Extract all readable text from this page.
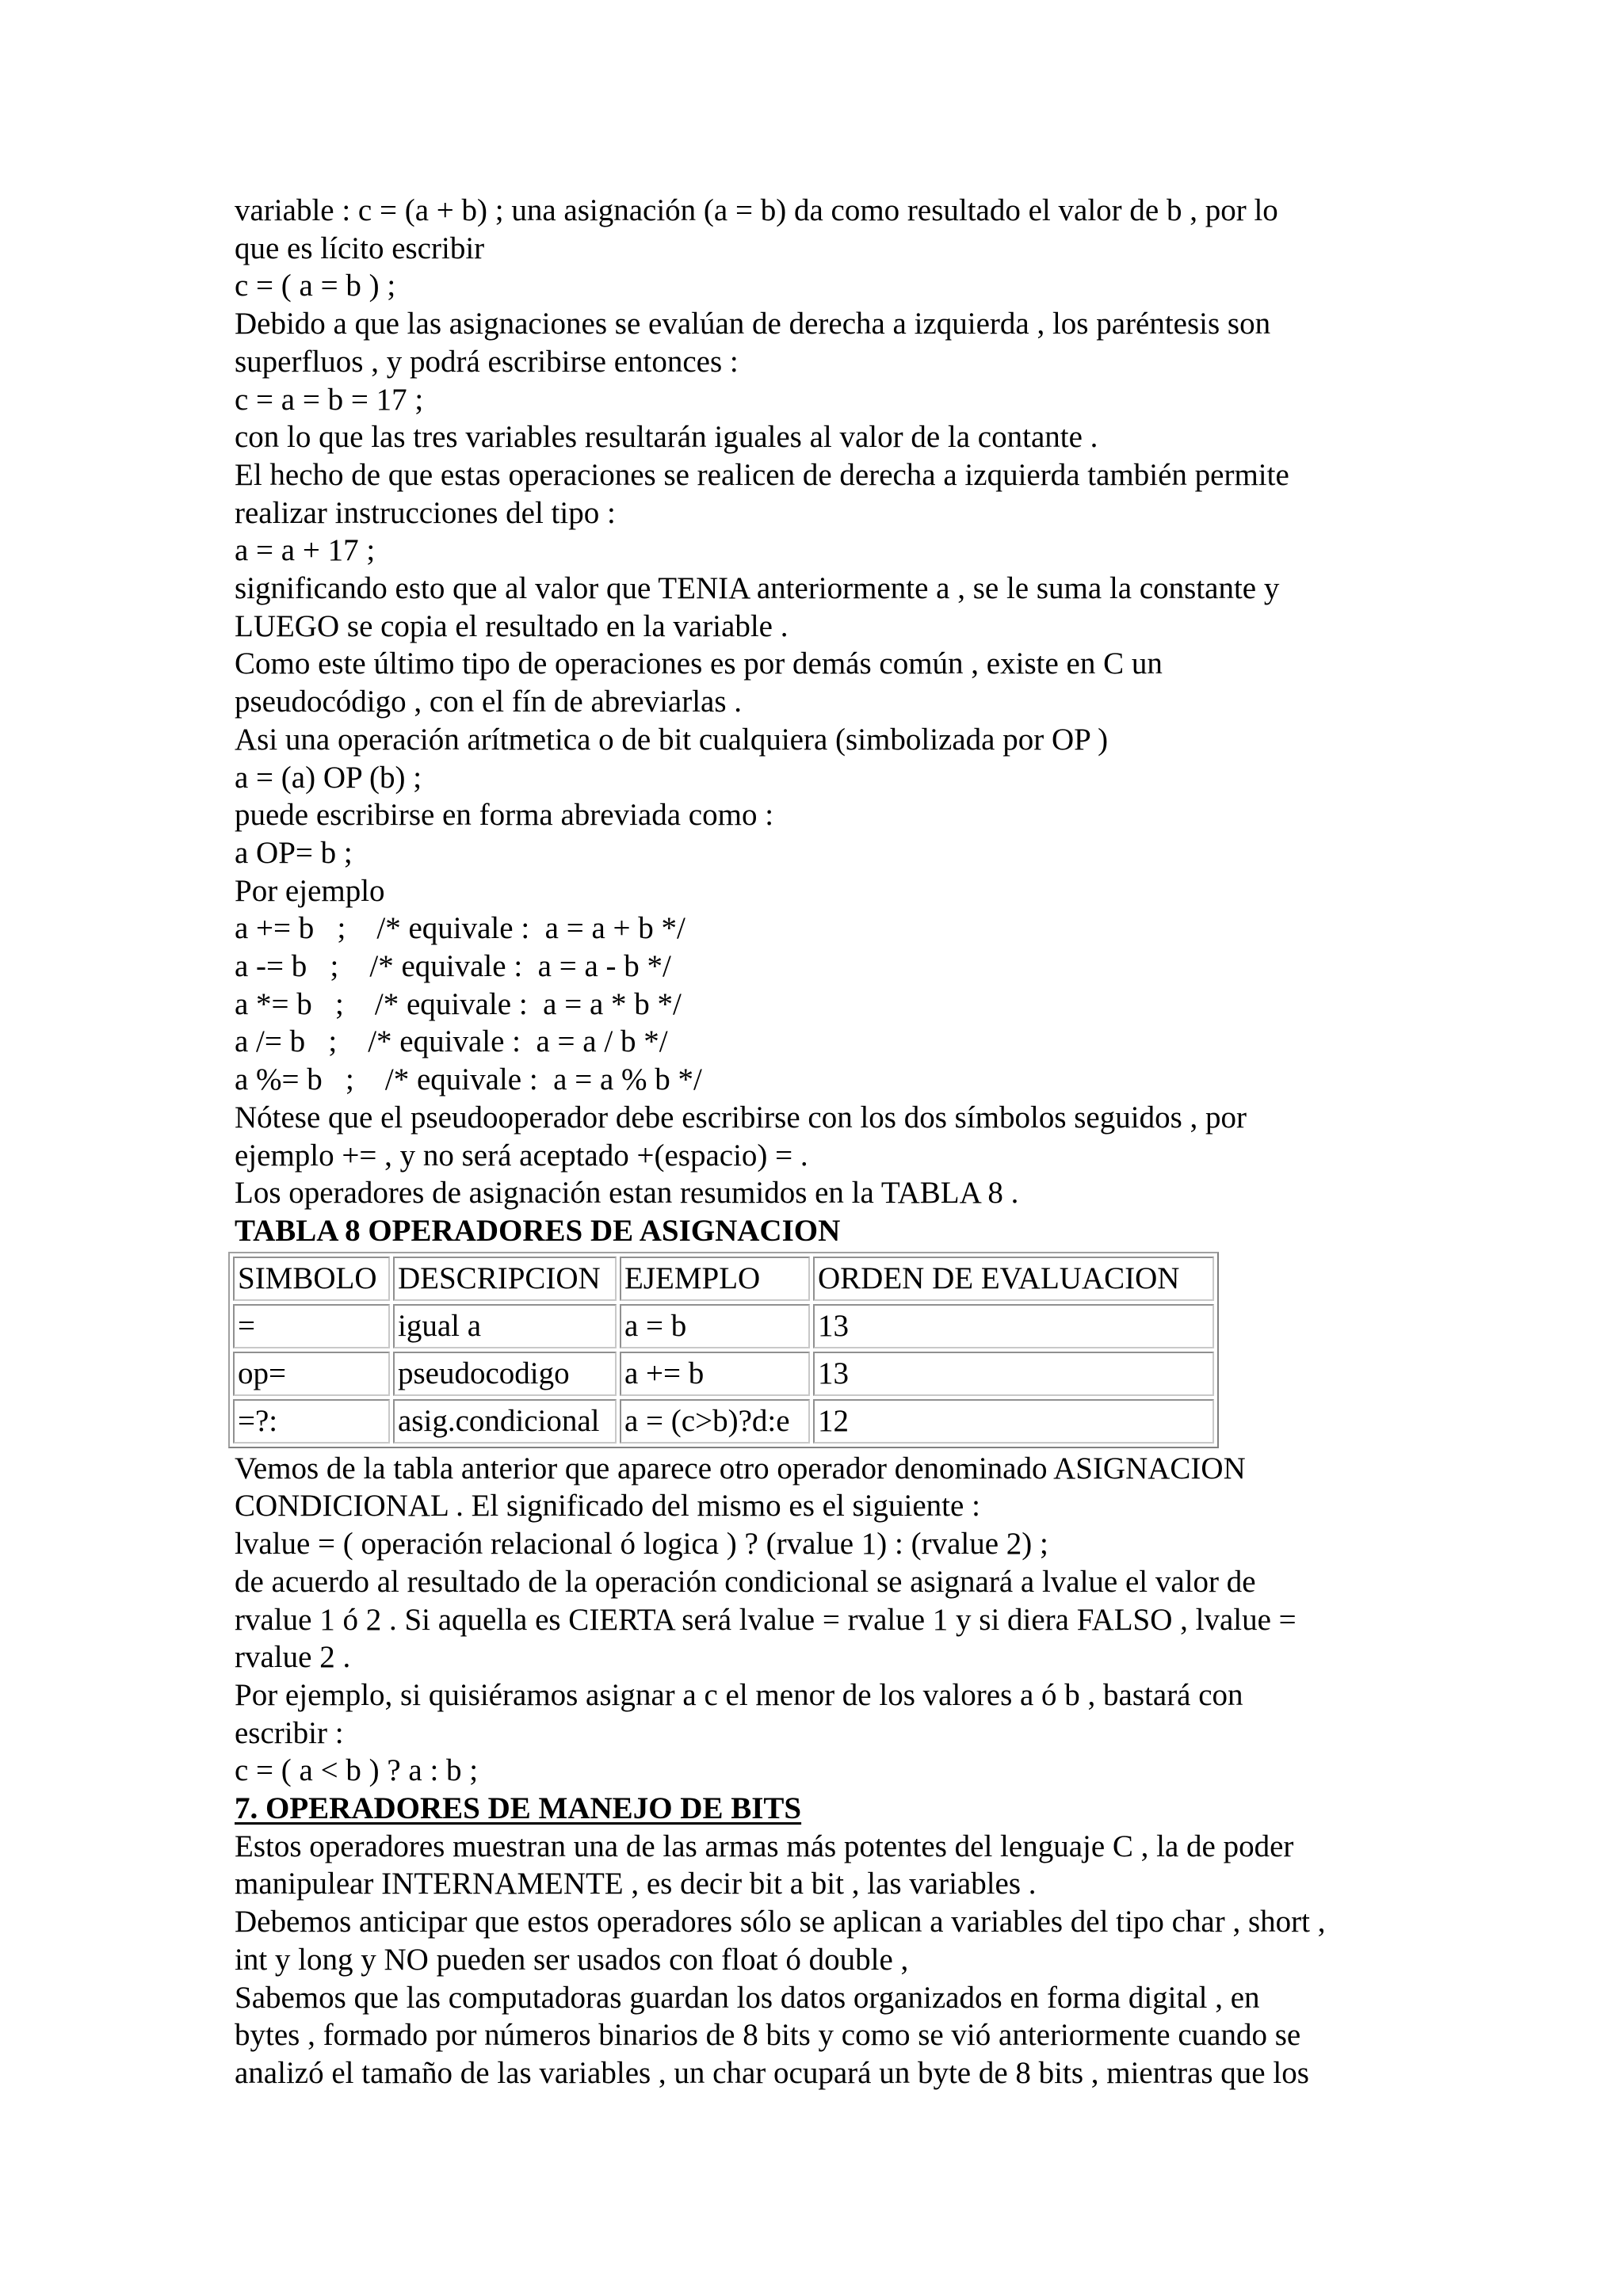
variable : c = (a + b) ; una asignación (a = b) da como resultado el valor de b , por lo

que es lícito escribir

c = ( a = b ) ;

Debido a que las asignaciones se evalúan de derecha a izquierda , los paréntesis son

superfluos , y podrá escribirse entonces :

c = a = b = 17 ;

con lo que las tres variables resultarán iguales al valor de la contante .

El hecho de que estas operaciones se realicen de derecha a izquierda también permite

realizar instrucciones del tipo :

a = a + 17 ;

significando esto que al valor que TENIA anteriormente a , se le suma la constante y

LUEGO se copia el resultado en la variable .

Como este último tipo de operaciones es por demás común , existe en C un

pseudocódigo , con el fín de abreviarlas .

Asi una operación arítmetica o de bit cualquiera (simbolizada por OP )

a = (a) OP (b) ;

puede escribirse en forma abreviada como :

a OP= b ;

Por ejemplo

a += b   ;    /* equivale :  a = a + b */

a -= b   ;    /* equivale :  a = a - b */

a *= b   ;    /* equivale :  a = a * b */

a /= b   ;    /* equivale :  a = a / b */

a %= b   ;    /* equivale :  a = a % b */

Nótese que el pseudooperador debe escribirse con los dos símbolos seguidos , por

ejemplo += , y no será aceptado +(espacio) = .

Los operadores de asignación estan resumidos en la TABLA 8 .

TABLA 8 OPERADORES DE ASIGNACION

SIMBOLO	DESCRIPCION	EJEMPLO	ORDEN DE EVALUACION
=	igual a	a = b	13
op=	pseudocodigo	a += b	13
=?:	asig.condicional	a = (c>b)?d:e	12

Vemos de la tabla anterior que aparece otro operador denominado ASIGNACION

CONDICIONAL . El significado del mismo es el siguiente :

lvalue = ( operación relacional ó logica ) ? (rvalue 1) : (rvalue 2) ;

de acuerdo al resultado de la operación condicional se asignará a lvalue el valor de

rvalue 1 ó 2 . Si aquella es CIERTA será lvalue = rvalue 1 y si diera FALSO , lvalue =

rvalue 2 .

Por ejemplo, si quisiéramos asignar a c el menor de los valores a ó b , bastará con

escribir :

c = ( a < b ) ? a : b ;

7. OPERADORES DE MANEJO DE BITS

Estos operadores muestran una de las armas más potentes del lenguaje C , la de poder

manipulear INTERNAMENTE , es decir bit a bit , las variables .

Debemos anticipar que estos operadores sólo se aplican a variables del tipo char , short ,

int y long y NO pueden ser usados con float ó double ,

Sabemos que las computadoras guardan los datos organizados en forma digital , en

bytes , formado por números binarios de 8 bits y como se vió anteriormente cuando se

analizó el tamaño de las variables , un char ocupará un byte de 8 bits , mientras que los
